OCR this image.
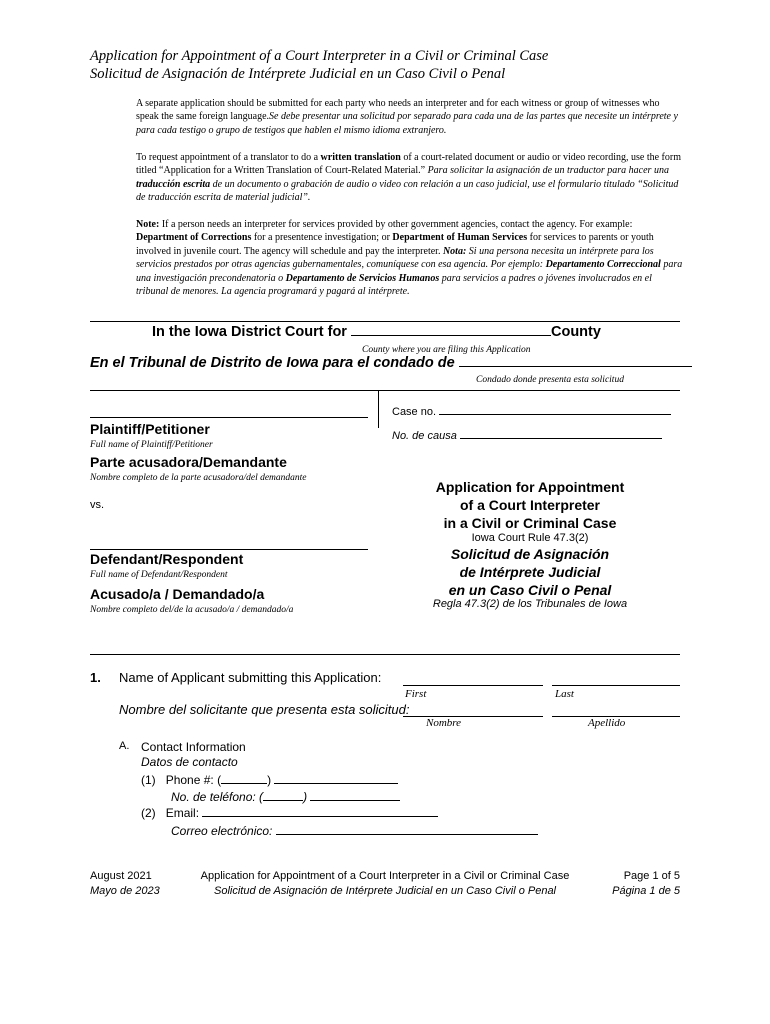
Application for Appointment of a Court Interpreter in a Civil or Criminal Case
Solicitud de Asignación de Intérprete Judicial en un Caso Civil o Penal

A separate application should be submitted for each party who needs an interpreter and for each witness or group of witnesses who speak the same foreign language.Se debe presentar una solicitud por separado para cada una de las partes que necesite un intérprete y para cada testigo o grupo de testigos que hablen el mismo idioma extranjero.

To request appointment of a translator to do a written translation of a court-related document or audio or video recording, use the form titled “Application for a Written Translation of Court-Related Material.” Para solicitar la asignación de un traductor para hacer una traducción escrita de un documento o grabación de audio o video con relación a un caso judicial, use el formulario titulado “Solicitud de traducción escrita de material judicial”.

Note: If a person needs an interpreter for services provided by other government agencies, contact the agency. For example: Department of Corrections for a presentence investigation; or Department of Human Services for services to parents or youth involved in juvenile court. The agency will schedule and pay the interpreter. Nota: Si una persona necesita un intérprete para los servicios prestados por otras agencias gubernamentales, comuníquese con esa agencia. Por ejemplo: Departamento Correccional para una investigación precondenatoria o Departamento de Servicios Humanos para servicios a padres o jóvenes involucrados en el tribunal de menores. La agencia programará y pagará al intérprete.

In the Iowa District Court for	County
County where you are filing this Application
En el Tribunal de Distrito de Iowa para el condado de
Condado donde presenta esta solicitud
Plaintiff/Petitioner
Full name of Plaintiff/Petitioner
Parte acusadora/Demandante
Nombre completo de la parte acusadora/del demandante
vs.
Defendant/Respondent
Full name of Defendant/Respondent
Acusado/a / Demandado/a
Nombre completo del/de la acusado/a / demandado/a
Case no.
No. de causa
Application for Appointment
of a Court Interpreter
in a Civil or Criminal Case
Iowa Court Rule 47.3(2)
Solicitud de Asignación
de Intérprete Judicial
en un Caso Civil o Penal
Regla 47.3(2) de los Tribunales de Iowa
1. Name of Applicant submitting this Application:
First	Last
Nombre del solicitante que presenta esta solicitud:
Nombre	Apellido
A. Contact Information
Datos de contacto
(1) Phone #: (	)
No. de teléfono: (	)
(2) Email:
Correo electrónico:
August 2021
Mayo de 2023
Application for Appointment of a Court Interpreter in a Civil or Criminal Case
Solicitud de Asignación de Intérprete Judicial en un Caso Civil o Penal
Page 1 of 5
Página 1 de 5
